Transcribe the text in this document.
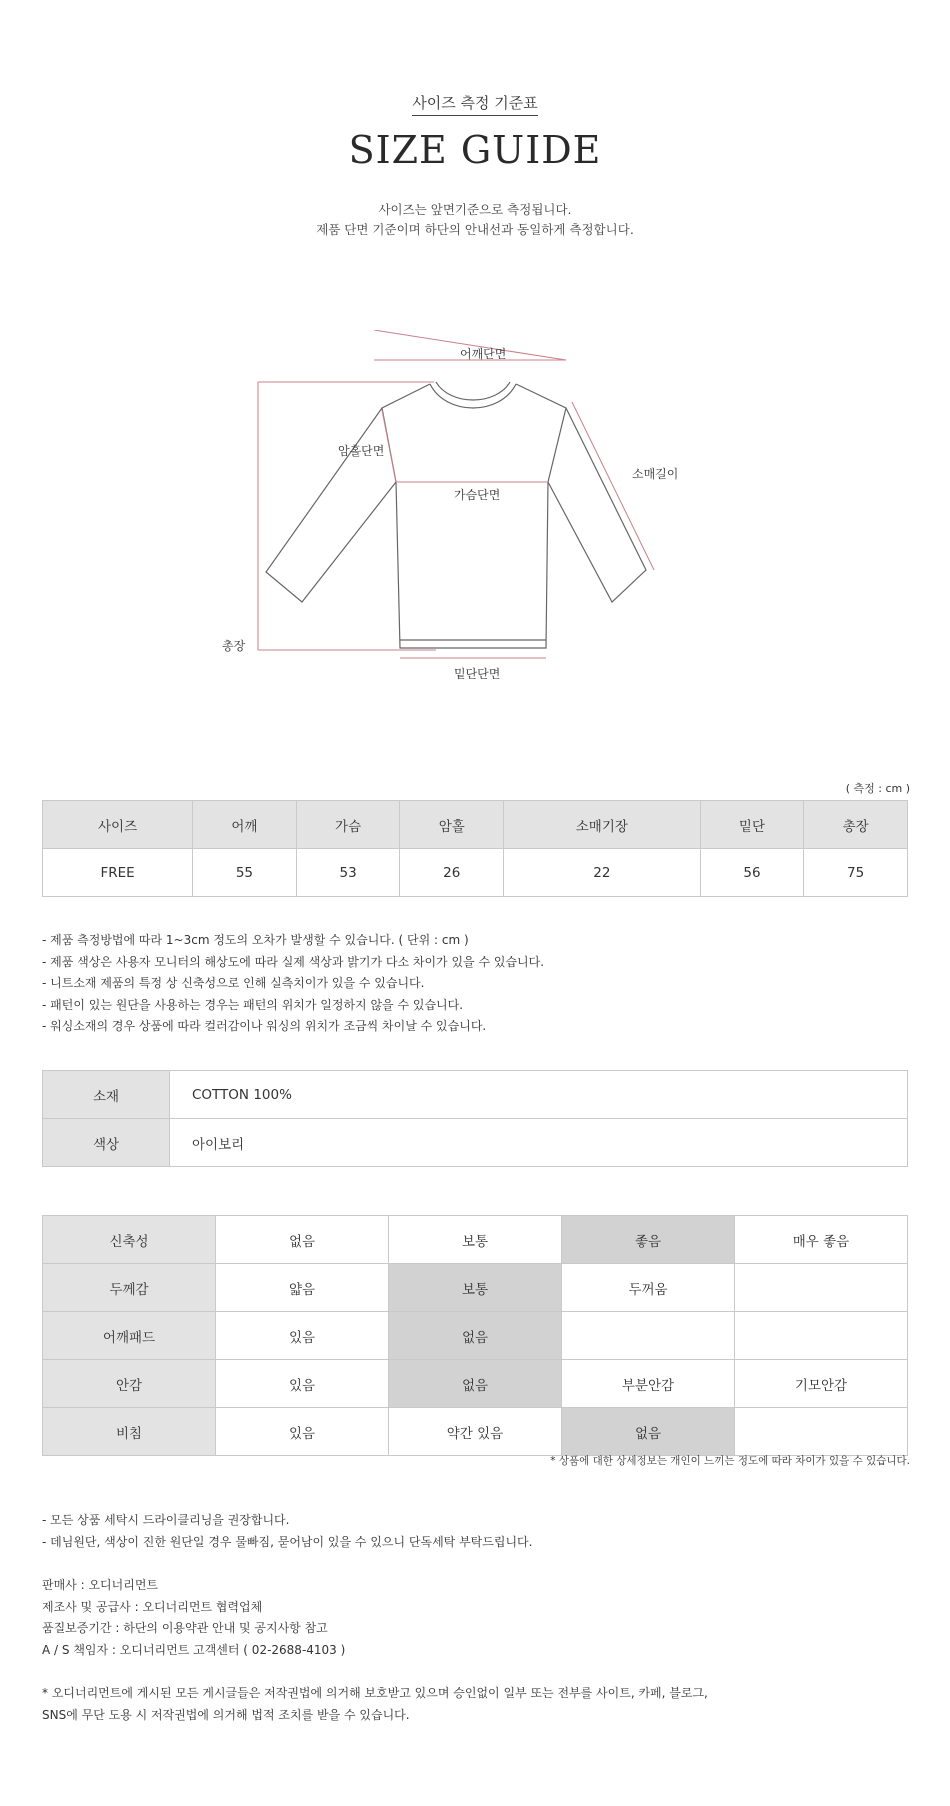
사이즈 측정 기준표
SIZE GUIDE
사이즈는 앞면기준으로 측정됩니다.
제품 단면 기준이며 하단의 안내선과 동일하게 측정합니다.
어깨단면
암홀단면
가슴단면
소매길이
총장
밑단단면
( 측정 : cm )
사이즈	어깨	가슴	암홀	소매기장	밑단	총장
FREE	55	53	26	22	56	75
- 제품 측정방법에 따라 1~3cm 정도의 오차가 발생할 수 있습니다. ( 단위 : cm )
- 제품 색상은 사용자 모니터의 해상도에 따라 실제 색상과 밝기가 다소 차이가 있을 수 있습니다.
- 니트소재 제품의 특정 상 신축성으로 인해 실측치이가 있을 수 있습니다.
- 패턴이 있는 원단을 사용하는 경우는 패턴의 위치가 일정하지 않을 수 있습니다.
- 워싱소재의 경우 상품에 따라 컬러감이나 워싱의 위치가 조금씩 차이날 수 있습니다.
소재	COTTON 100%
색상	아이보리
신축성	없음	보통	좋음	매우 좋음
두께감	얇음	보통	두꺼움	
어깨패드	있음	없음		
안감	있음	없음	부분안감	기모안감
비침	있음	약간 있음	없음	
* 상품에 대한 상세정보는 개인이 느끼는 정도에 따라 차이가 있을 수 있습니다.
- 모든 상품 세탁시 드라이클리닝을 권장합니다.
- 데님원단, 색상이 진한 원단일 경우 물빠짐, 묻어남이 있을 수 있으니 단독세탁 부탁드립니다.
판매사 : 오디너리먼트
제조사 및 공급사 : 오디너리먼트 협력업체
품질보증기간 : 하단의 이용약관 안내 및 공지사항 참고
A / S 책임자 : 오디너리먼트 고객센터 ( 02-2688-4103 )
* 오디너리먼트에 게시된 모든 게시글들은 저작권법에 의거해 보호받고 있으며 승인없이 일부 또는 전부를 사이트, 카페, 블로그,
SNS에 무단 도용 시 저작권법에 의거해 법적 조치를 받을 수 있습니다.
